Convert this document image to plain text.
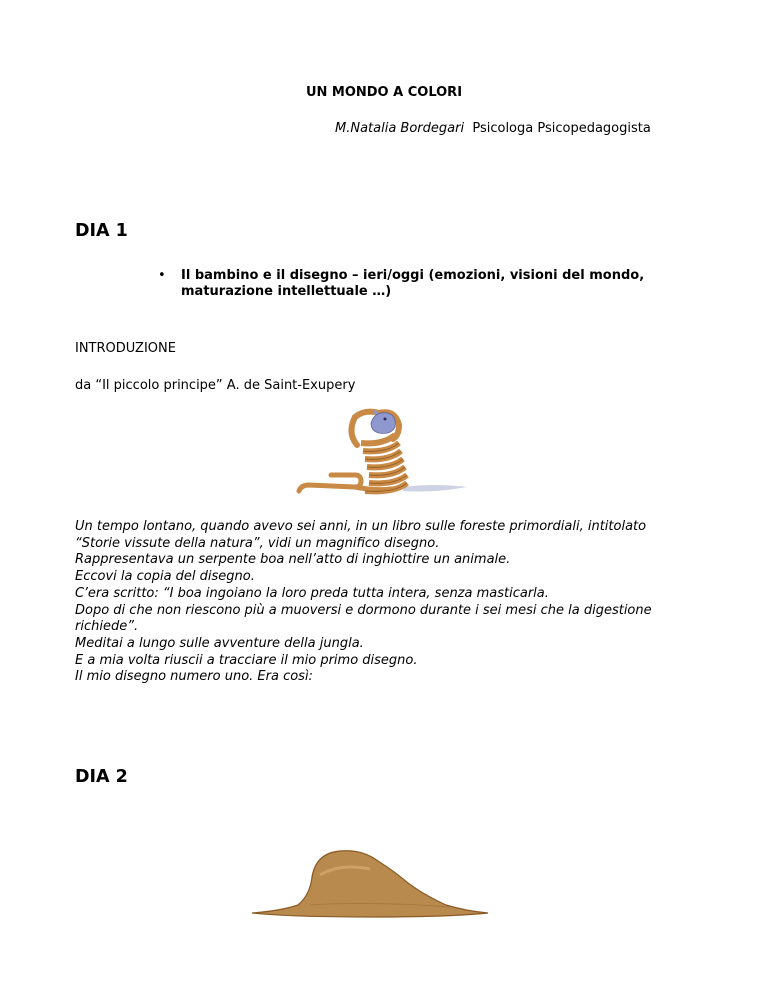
UN MONDO A COLORI
M.Natalia Bordegari Psicologa Psicopedagogista
DIA 1
• Il bambino e il disegno – ieri/oggi (emozioni, visioni del mondo, maturazione intellettuale …)
INTRODUZIONE
da “Il piccolo principe” A. de Saint-Exupery
Un tempo lontano, quando avevo sei anni, in un libro sulle foreste primordiali, intitolato
“Storie vissute della natura”, vidi un magnifico disegno.
Rappresentava un serpente boa nell’atto di inghiottire un animale.
Eccovi la copia del disegno.
C’era scritto: “I boa ingoiano la loro preda tutta intera, senza masticarla.
Dopo di che non riescono più a muoversi e dormono durante i sei mesi che la digestione
richiede”.
Meditai a lungo sulle avventure della jungla.
E a mia volta riuscii a tracciare il mio primo disegno.
Il mio disegno numero uno. Era così:
DIA 2
